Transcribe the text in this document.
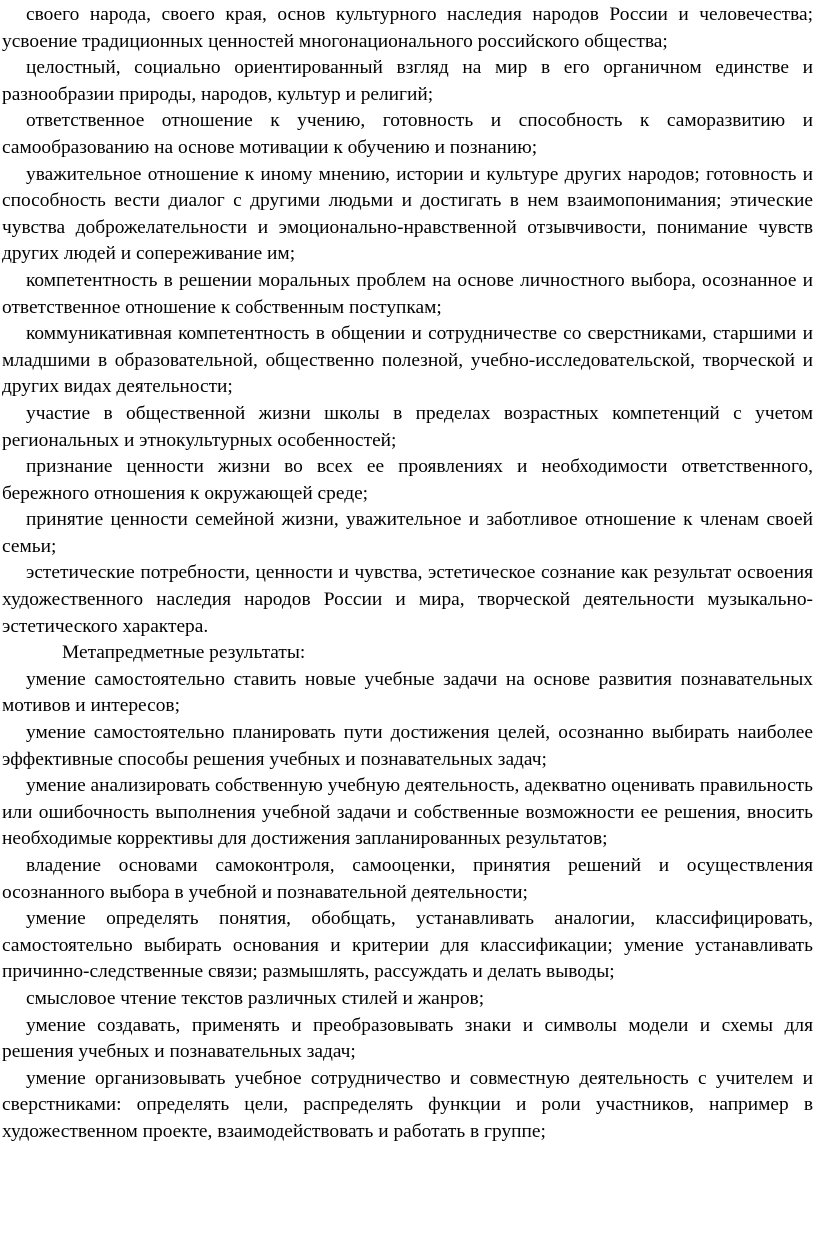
своего народа, своего края, основ культурного наследия народов России и человечества; усвоение традиционных ценностей многонационального российского общества;

целостный, социально ориентированный взгляд на мир в его органичном единстве и разнообразии природы, народов, культур и религий;

ответственное отношение к учению, готовность и способность к саморазвитию и самообразованию на основе мотивации к обучению и познанию;

уважительное отношение к иному мнению, истории и культуре других народов; готовность и способность вести диалог с другими людьми и достигать в нем взаимопонимания; этические чувства доброжелательности и эмоционально-нравственной отзывчивости, понимание чувств других людей и сопереживание им;

компетентность в решении моральных проблем на основе личностного выбора, осознанное и ответственное отношение к собственным поступкам;

коммуникативная компетентность в общении и сотрудничестве со сверстниками, старшими и младшими в образовательной, общественно полезной, учебно-исследовательской, творческой и других видах деятельности;

участие в общественной жизни школы в пределах возрастных компетенций с учетом региональных и этнокультурных особенностей;

признание ценности жизни во всех ее проявлениях и необходимости ответственного, бережного отношения к окружающей среде;

принятие ценности семейной жизни, уважительное и заботливое отношение к членам своей семьи;

эстетические потребности, ценности и чувства, эстетическое сознание как результат освоения художественного наследия народов России и мира, творческой деятельности музыкально-эстетического характера.

Метапредметные результаты:

умение самостоятельно ставить новые учебные задачи на основе развития познавательных мотивов и интересов;

умение самостоятельно планировать пути достижения целей, осознанно выбирать наиболее эффективные способы решения учебных и познавательных задач;

умение анализировать собственную учебную деятельность, адекватно оценивать правильность или ошибочность выполнения учебной задачи и собственные возможности ее решения, вносить необходимые коррективы для достижения запланированных результатов;

владение основами самоконтроля, самооценки, принятия решений и осуществления осознанного выбора в учебной и познавательной деятельности;

умение определять понятия, обобщать, устанавливать аналогии, классифицировать, самостоятельно выбирать основания и критерии для классификации; умение устанавливать причинно-следственные связи; размышлять, рассуждать и делать выводы;

смысловое чтение текстов различных стилей и жанров;

умение создавать, применять и преобразовывать знаки и символы модели и схемы для решения учебных и познавательных задач;

умение организовывать учебное сотрудничество и совместную деятельность с учителем и сверстниками: определять цели, распределять функции и роли участников, например в художественном проекте, взаимодействовать и работать в группе;
